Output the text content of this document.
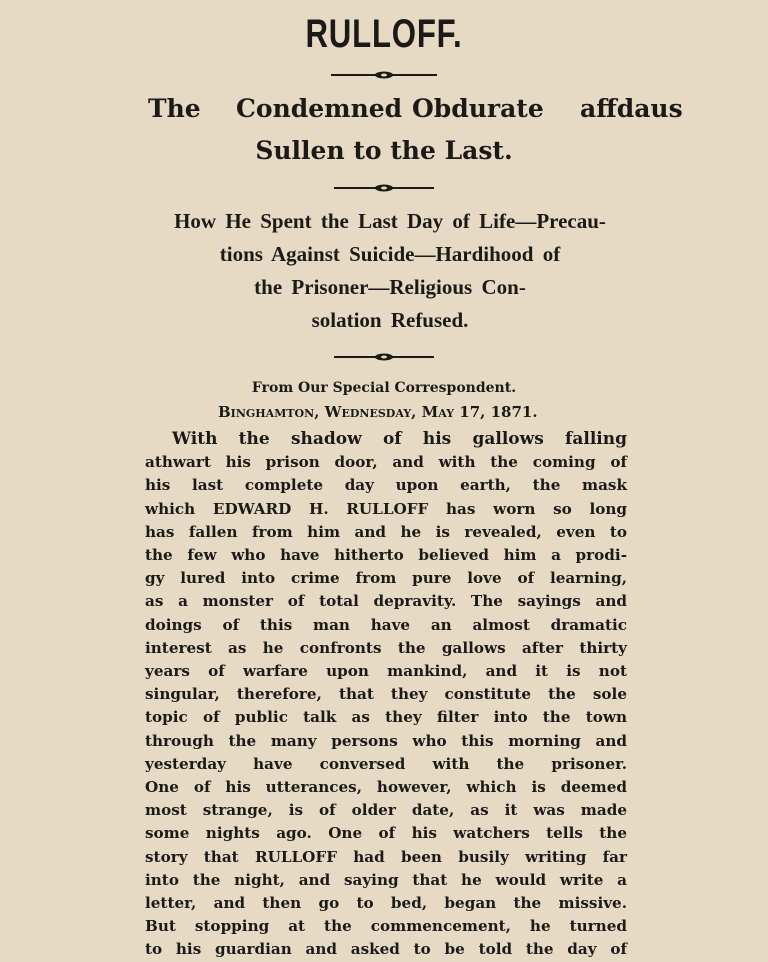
RULLOFF.
The Condemned Obdurate affdaus
Sullen to the Last.
How He Spent the Last Day of Life—Precau-
tions Against Suicide—Hardihood of
the Prisoner—Religious Con-
solation Refused.
From Our Special Correspondent.
Binghamton, Wednesday, May 17, 1871.
With the shadow of his gallows falling
athwart his prison door, and with the coming of
his last complete day upon earth, the mask
which EDWARD H. RULLOFF has worn so long
has fallen from him and he is revealed, even to
the few who have hitherto believed him a prodi-
gy lured into crime from pure love of learning,
as a monster of total depravity. The sayings and
doings of this man have an almost dramatic
interest as he confronts the gallows after thirty
years of warfare upon mankind, and it is not
singular, therefore, that they constitute the sole
topic of public talk as they filter into the town
through the many persons who this morning and
yesterday have conversed with the prisoner.
One of his utterances, however, which is deemed
most strange, is of older date, as it was made
some nights ago. One of his watchers tells the
story that RULLOFF had been busily writing far
into the night, and saying that he would write a
letter, and then go to bed, began the missive.
But stopping at the commencement, he turned
to his guardian and asked to be told the day of
